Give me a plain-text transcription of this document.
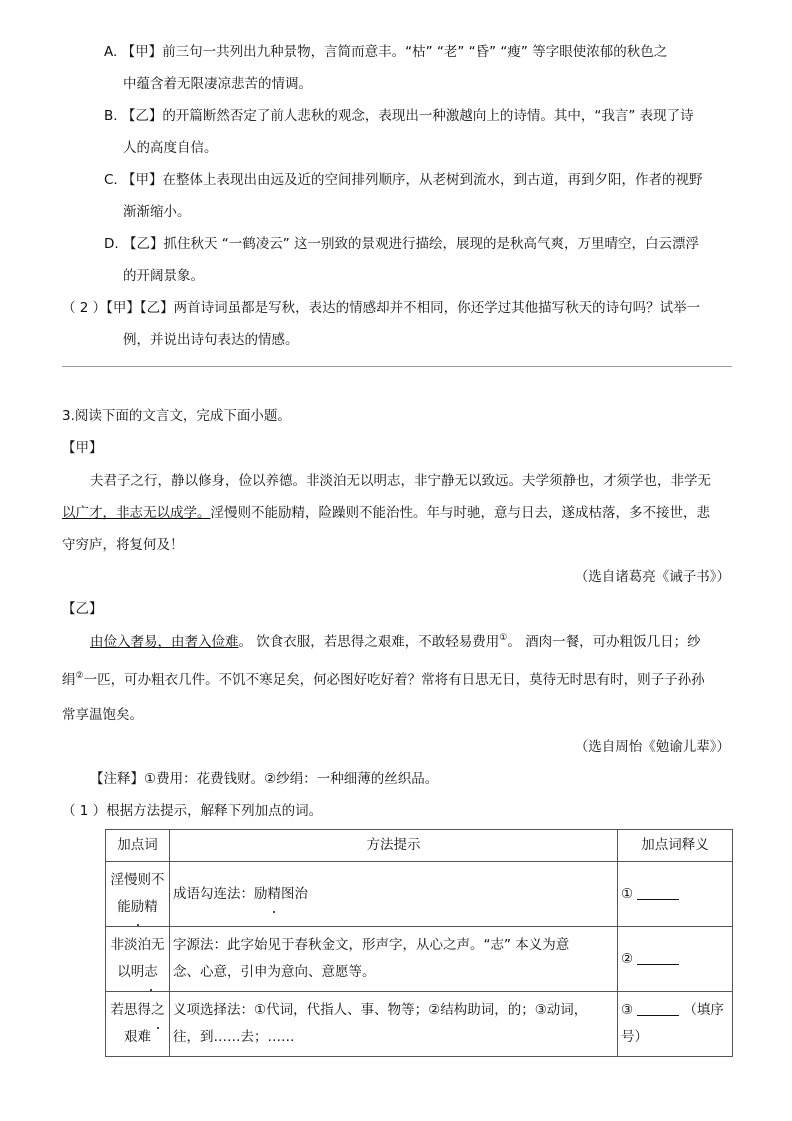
A. 【甲】前三句一共列出九种景物，言简而意丰。“枯” “老” “昏” “瘦” 等字眼使浓郁的秋色之
中蕴含着无限凄凉悲苦的情调。
B. 【乙】的开篇断然否定了前人悲秋的观念，表现出一种激越向上的诗情。其中，“我言” 表现了诗
人的高度自信。
C. 【甲】在整体上表现出由远及近的空间排列顺序，从老树到流水，到古道，再到夕阳，作者的视野
渐渐缩小。
D. 【乙】抓住秋天 “一鹤凌云” 这一别致的景观进行描绘，展现的是秋高气爽，万里晴空，白云漂浮
的开阔景象。
（ 2 ）【甲】【乙】两首诗词虽都是写秋，表达的情感却并不相同，你还学过其他描写秋天的诗句吗？试举一
例，并说出诗句表达的情感。
3.阅读下面的文言文，完成下面小题。
【甲】
夫君子之行，静以修身，俭以养德。非淡泊无以明志，非宁静无以致远。夫学须静也，才须学也，非学无
以广才，非志无以成学。淫慢则不能励精，险躁则不能治性。年与时驰，意与日去，遂成枯落，多不接世，悲
守穷庐，将复何及！
（选自诸葛亮《诫子书》）
【乙】
由俭入奢易，由奢入俭难。 饮食衣服，若思得之艰难，不敢轻易费用①。 酒肉一餐，可办粗饭几日；纱
绢②一匹，可办粗衣几件。不饥不寒足矣，何必图好吃好着？常将有日思无日，莫待无时思有时，则子子孙孙
常享温饱矣。
（选自周怡《勉谕儿辈》）
【注释】①费用：花费钱财。②纱绢：一种细薄的丝织品。
（ 1 ）根据方法提示，解释下列加点的词。
加点词	方法提示	加点词释义
淫慢则不
能励精	成语勾连法：励精图治	①
非淡泊无
以明志	字源法：此字始见于春秋金文，形声字，从心之声。“志” 本义为意
念、心意，引申为意向、意愿等。	②
若思得之
艰难	义项选择法：①代词，代指人、事、物等；②结构助词，的；③动词，
往，到……去；……	③ （填序
号）
